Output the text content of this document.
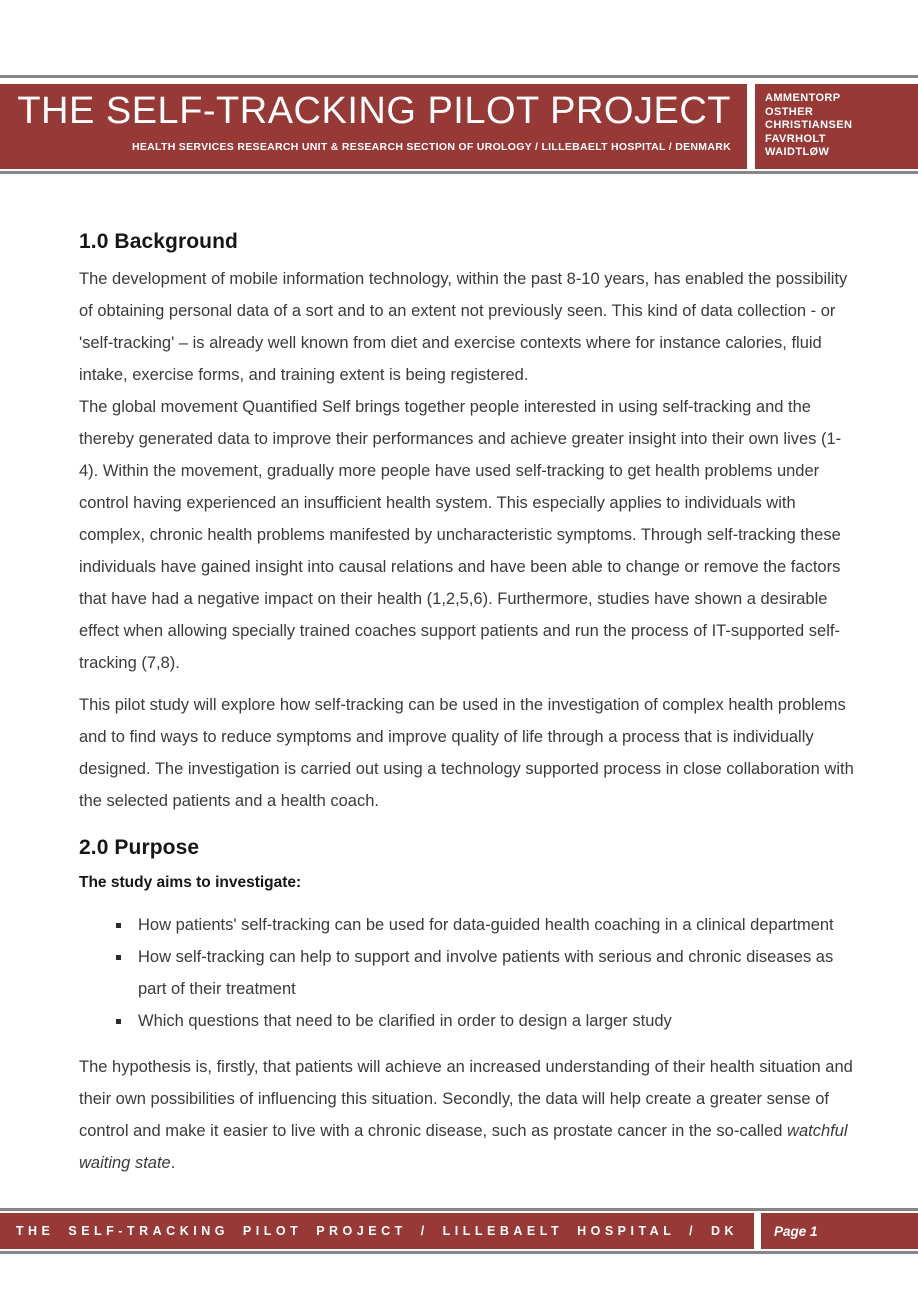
THE SELF-TRACKING PILOT PROJECT
HEALTH SERVICES RESEARCH UNIT & RESEARCH SECTION OF UROLOGY / LILLEBAELT HOSPITAL / DENMARK
AMMENTORP
OSTHER
CHRISTIANSEN
FAVRHOLT
WAIDTLØW
1.0 Background

The development of mobile information technology, within the past 8-10 years, has enabled the possibility of obtaining personal data of a sort and to an extent not previously seen. This kind of data collection - or 'self-tracking' – is already well known from diet and exercise contexts where for instance calories, fluid intake, exercise forms, and training extent is being registered.

The global movement Quantified Self brings together people interested in using self-tracking and the thereby generated data to improve their performances and achieve greater insight into their own lives (1-4). Within the movement, gradually more people have used self-tracking to get health problems under control having experienced an insufficient health system. This especially applies to individuals with complex, chronic health problems manifested by uncharacteristic symptoms. Through self-tracking these individuals have gained insight into causal relations and have been able to change or remove the factors that have had a negative impact on their health (1,2,5,6). Furthermore, studies have shown a desirable effect when allowing specially trained coaches support patients and run the process of IT-supported self-tracking (7,8).

This pilot study will explore how self-tracking can be used in the investigation of complex health problems and to find ways to reduce symptoms and improve quality of life through a process that is individually designed. The investigation is carried out using a technology supported process in close collaboration with the selected patients and a health coach.

2.0 Purpose

The study aims to investigate:

How patients' self-tracking can be used for data-guided health coaching in a clinical department
How self-tracking can help to support and involve patients with serious and chronic diseases as part of their treatment
Which questions that need to be clarified in order to design a larger study

The hypothesis is, firstly, that patients will achieve an increased understanding of their health situation and their own possibilities of influencing this situation. Secondly, the data will help create a greater sense of control and make it easier to live with a chronic disease, such as prostate cancer in the so-called watchful waiting state.

THE SELF-TRACKING PILOT PROJECT / LILLEBAELT HOSPITAL / DK	Page 1
